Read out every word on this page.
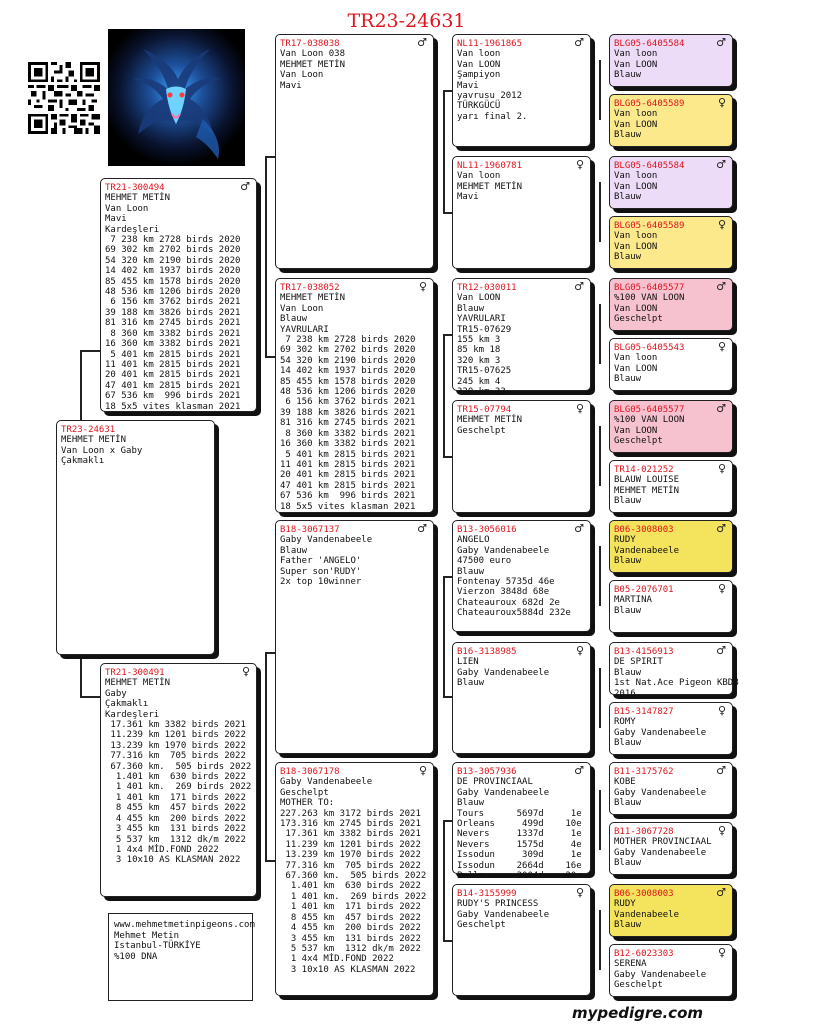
TR23-24631
TR23-24631
MEHMET METİN
Van Loon x Gaby
Çakmaklı
TR21-300494	♂
MEHMET METİN
Van Loon
Mavi
Kardeşleri
7 238 km 2728 birds 2020
69 302 km 2702 birds 2020
54 320 km 2190 birds 2020
14 402 km 1937 birds 2020
85 455 km 1578 birds 2020
48 536 km 1206 birds 2020
6 156 km 3762 birds 2021
39 188 km 3826 birds 2021
81 316 km 2745 birds 2021
8 360 km 3382 birds 2021
16 360 km 3382 birds 2021
5 401 km 2815 birds 2021
11 401 km 2815 birds 2021
20 401 km 2815 birds 2021
47 401 km 2815 birds 2021
67 536 km  996 birds 2021
18 5x5 vites klasman 2021
TR21-300491	♀
MEHMET METİN
Gaby
Çakmaklı
Kardeşleri
17.361 km 3382 birds 2021
11.239 km 1201 birds 2022
13.239 km 1970 birds 2022
77.316 km  705 birds 2022
67.360 km.  505 birds 2022
1.401 km  630 birds 2022
1 401 km.  269 birds 2022
1 401 km  171 birds 2022
8 455 km  457 birds 2022
4 455 km  200 birds 2022
3 455 km  131 birds 2022
5 537 km  1312 dk/m 2022
1 4x4 MİD.FOND 2022
3 10x10 AS KLASMAN 2022
TR17-038038	♂
Van Loon 038
MEHMET METİN
Van Loon
Mavi
TR17-038052	♀
MEHMET METİN
Van Loon
Blauw
YAVRULARI
7 238 km 2728 birds 2020
69 302 km 2702 birds 2020
54 320 km 2190 birds 2020
14 402 km 1937 birds 2020
85 455 km 1578 birds 2020
48 536 km 1206 birds 2020
6 156 km 3762 birds 2021
39 188 km 3826 birds 2021
81 316 km 2745 birds 2021
8 360 km 3382 birds 2021
16 360 km 3382 birds 2021
5 401 km 2815 birds 2021
11 401 km 2815 birds 2021
20 401 km 2815 birds 2021
47 401 km 2815 birds 2021
67 536 km  996 birds 2021
18 5x5 vites klasman 2021
B18-3067137	♂
Gaby Vandenabeele
Blauw
Father 'ANGELO'
Super son'RUDY'
2x top 10winner
B18-3067178	♀
Gaby Vandenabeele
Geschelpt
MOTHER TO:
227.263 km 3172 birds 2021
173.316 km 2745 birds 2021
17.361 km 3382 birds 2021
11.239 km 1201 birds 2022
13.239 km 1970 birds 2022
77.316 km  705 birds 2022
67.360 km.  505 birds 2022
1.401 km  630 birds 2022
1 401 km.  269 birds 2022
1 401 km  171 birds 2022
8 455 km  457 birds 2022
4 455 km  200 birds 2022
3 455 km  131 birds 2022
5 537 km  1312 dk/m 2022
1 4x4 MİD.FOND 2022
3 10x10 AS KLASMAN 2022
NL11-1961865	♂
Van loon
Van LOON
Şampiyon
Mavi
yavrusu 2012
TÜRKGÜCÜ
yarı final 2.
NL11-1960781	♀
Van loon
MEHMET METİN
Mavi
TR12-030011	♂
Van LOON
Blauw
YAVRULARI
TR15-07629
155 km 3
85 km 18
320 km 3
TR15-07625
245 km 4
320 km 33
TR15-07794	♀
MEHMET METİN
Geschelpt
B13-3056016	♂
ANGELO
Gaby Vandenabeele
47500 euro
Blauw
Fontenay 5735d 46e
Vierzon 3848d 68e
Chateauroux 682d 2e
Chateauroux5884d 232e
B16-3138985	♀
LIEN
Gaby Vandenabeele
Blauw
B13-3057936	♂
DE PROVINCIAAL
Gaby Vandenabeele
Blauw
Tours      5697d     1e
Orleans     499d    10e
Nevers     1337d     1e
Nevers     1575d     4e
Issodun     309d     1e
Issodun    2664d    16e
Bulle      3004d    20e
B14-3155999	♀
RUDY'S PRINCESS
Gaby Vandenabeele
Geschelpt
BLG05-6405584	♂
Van loon
Van LOON
Blauw
BLG05-6405589	♀
Van loon
Van LOON
Blauw
BLG05-6405584	♂
Van loon
Van LOON
Blauw
BLG05-6405589	♀
Van loon
Van LOON
Blauw
BLG05-6405577	♂
%100 VAN LOON
Van LOON
Geschelpt
BLG05-6405543	♀
Van loon
Van LOON
Blauw
BLG05-6405577	♂
%100 VAN LOON
Van LOON
Geschelpt
TR14-021252	♀
BLAUW LOUISE
MEHMET METİN
Blauw
B06-3008003	♂
RUDY
Vandenabeele
Blauw
B05-2076701	♀
MARTINA
Blauw
B13-4156913	♂
DE SPIRIT
Blauw
1st Nat.Ace Pigeon KBDB
2016
B15-3147827	♀
ROMY
Gaby Vandenabeele
Blauw
B11-3175762	♂
KOBE
Gaby Vandenabeele
Blauw
B11-3067728	♀
MOTHER PROVINCIAAL
Gaby Vandenabeele
Blauw
B06-3008003	♂
RUDY
Vandenabeele
Blauw
B12-6023303	♀
SERENA
Gaby Vandenabeele
Geschelpt
www.mehmetmetinpigeons.com
Mehmet Metin
Istanbul-TÜRKİYE
%100 DNA
mypedigre.com
